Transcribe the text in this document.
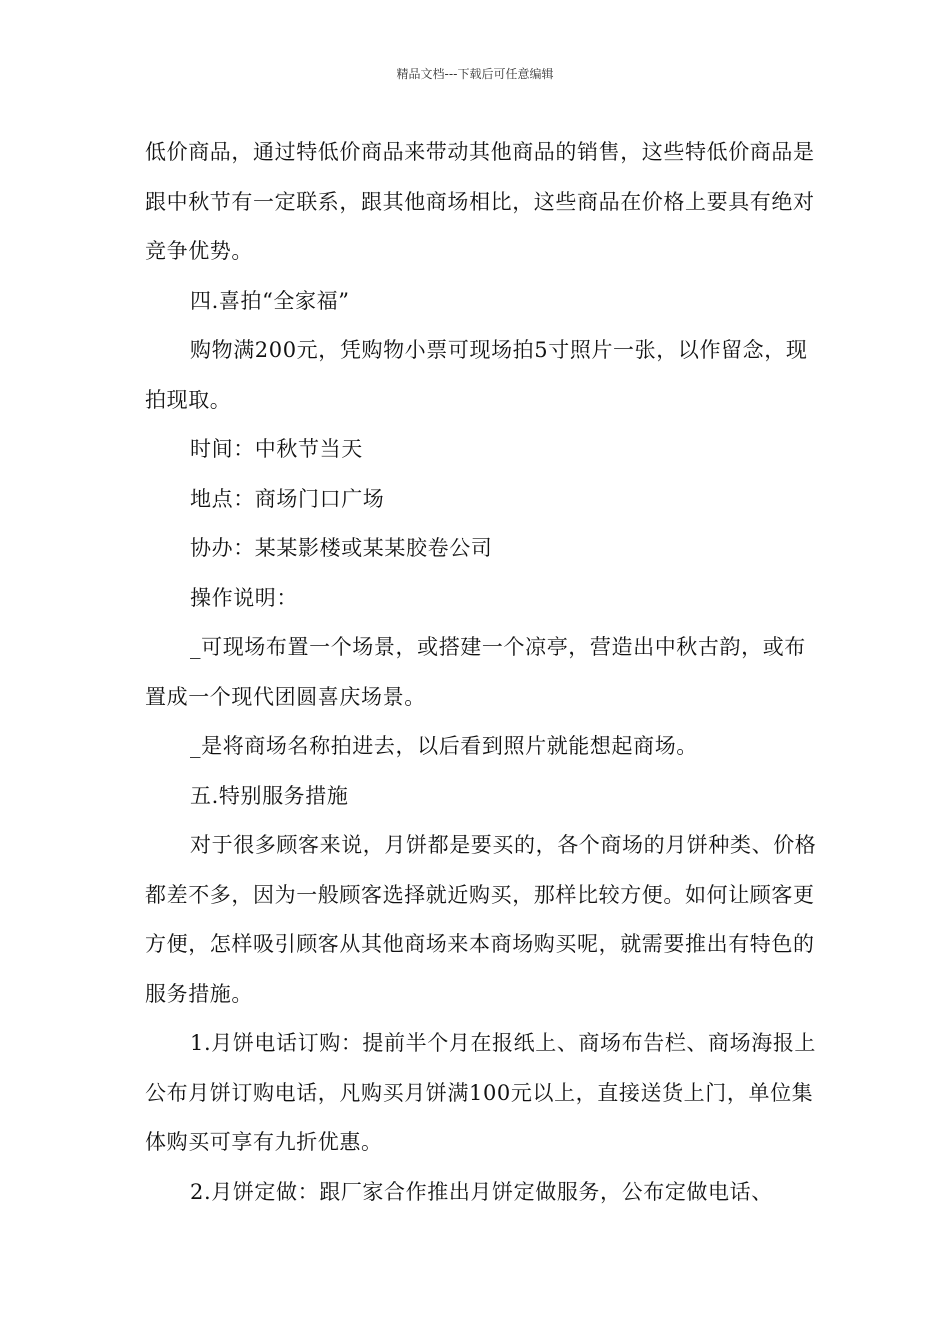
精品文档---下载后可任意编辑

低价商品，通过特低价商品来带动其他商品的销售，这些特低价商品是跟中秋节有一定联系，跟其他商场相比，这些商品在价格上要具有绝对竞争优势。

四.喜拍“全家福”

购物满200元，凭购物小票可现场拍5寸照片一张，以作留念，现拍现取。

时间：中秋节当天

地点：商场门口广场

协办：某某影楼或某某胶卷公司

操作说明：

_可现场布置一个场景，或搭建一个凉亭，营造出中秋古韵，或布置成一个现代团圆喜庆场景。

_是将商场名称拍进去，以后看到照片就能想起商场。

五.特别服务措施

对于很多顾客来说，月饼都是要买的，各个商场的月饼种类、价格都差不多，因为一般顾客选择就近购买，那样比较方便。如何让顾客更方便，怎样吸引顾客从其他商场来本商场购买呢，就需要推出有特色的服务措施。

1.月饼电话订购：提前半个月在报纸上、商场布告栏、商场海报上公布月饼订购电话，凡购买月饼满100元以上，直接送货上门，单位集体购买可享有九折优惠。

2.月饼定做：跟厂家合作推出月饼定做服务，公布定做电话、
